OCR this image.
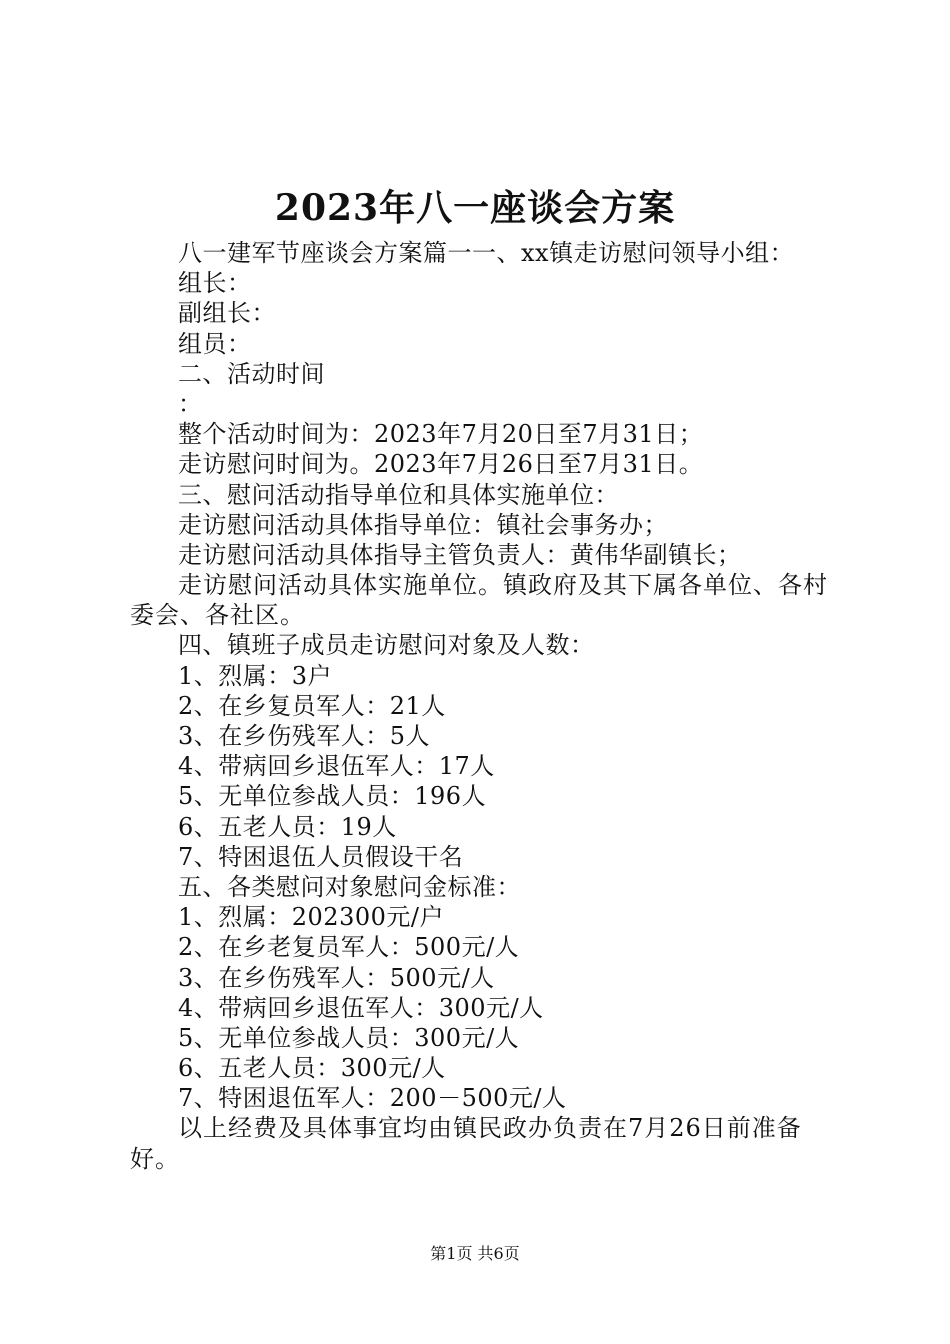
2023年八一座谈会方案
八一建军节座谈会方案篇一一、xx镇走访慰问领导小组：
组长：
副组长：
组员：
二、活动时间
：
整个活动时间为：2023年7月20日至7月31日；
走访慰问时间为。2023年7月26日至7月31日。
三、慰问活动指导单位和具体实施单位：
走访慰问活动具体指导单位：镇社会事务办；
走访慰问活动具体指导主管负责人：黄伟华副镇长；
走访慰问活动具体实施单位。镇政府及其下属各单位、各村委会、各社区。
四、镇班子成员走访慰问对象及人数：
1、烈属：3户
2、在乡复员军人：21人
3、在乡伤残军人：5人
4、带病回乡退伍军人：17人
5、无单位参战人员：196人
6、五老人员：19人
7、特困退伍人员假设干名
五、各类慰问对象慰问金标准：
1、烈属：202300元/户
2、在乡老复员军人：500元/人
3、在乡伤残军人：500元/人
4、带病回乡退伍军人：300元/人
5、无单位参战人员：300元/人
6、五老人员：300元/人
7、特困退伍军人：200－500元/人
以上经费及具体事宜均由镇民政办负责在7月26日前准备好。
第1页 共6页
